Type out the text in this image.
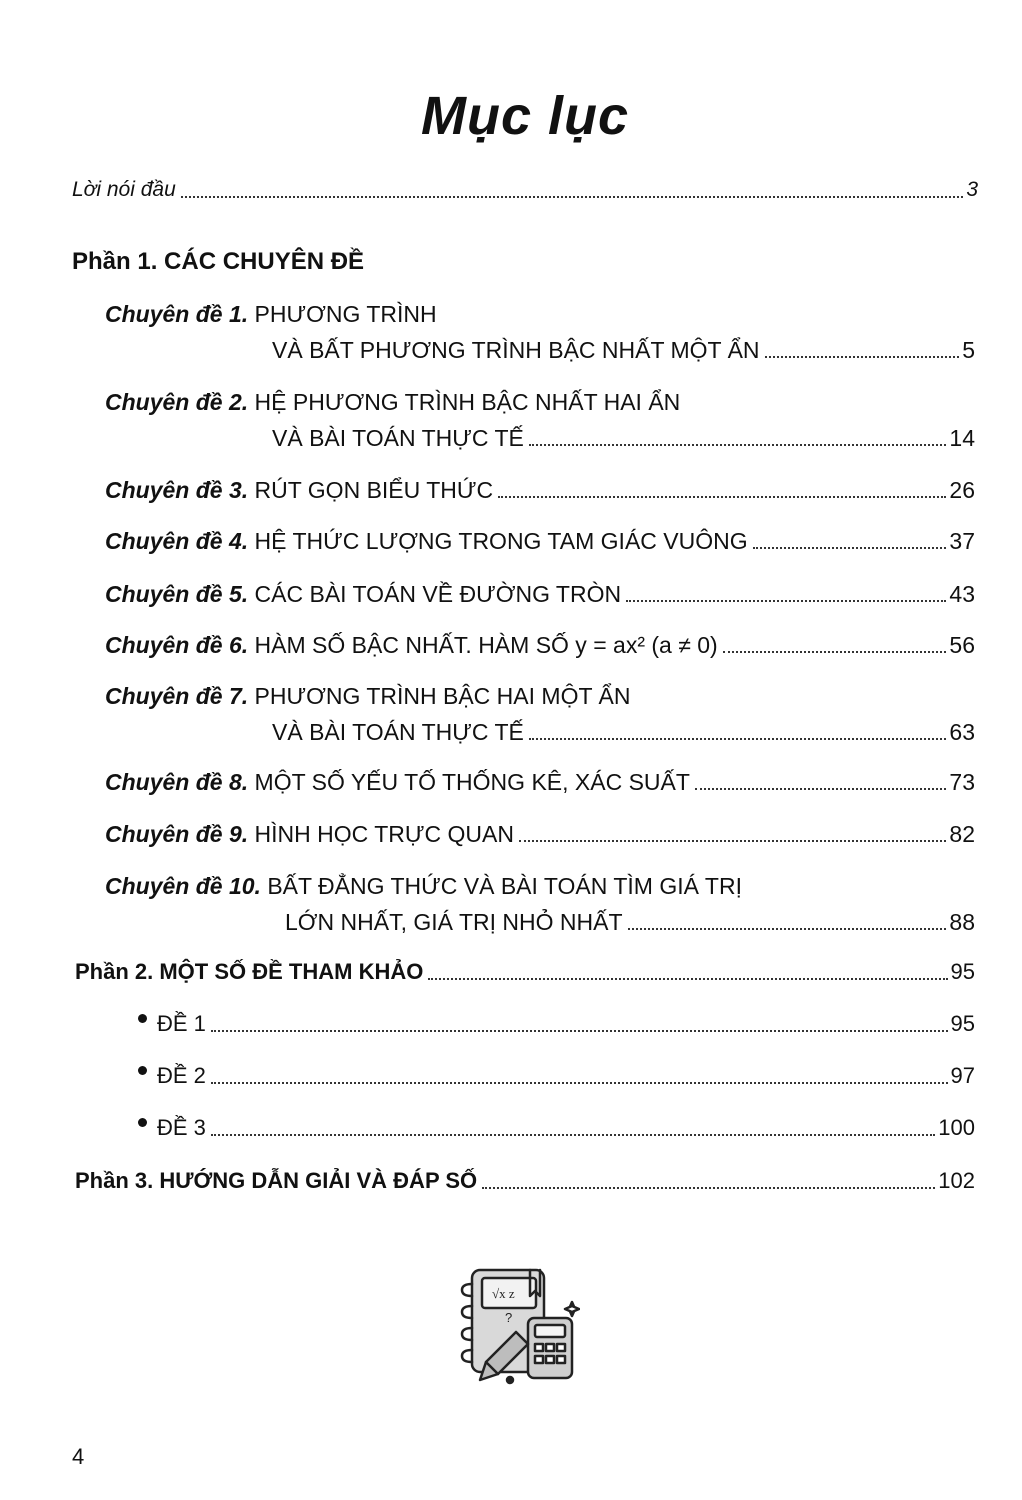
Mục lục
Lời nói đầu	3
Phần 1. CÁC CHUYÊN ĐỀ
Chuyên đề 1. PHƯƠNG TRÌNH
VÀ BẤT PHƯƠNG TRÌNH BẬC NHẤT MỘT ẨN	5
Chuyên đề 2. HỆ PHƯƠNG TRÌNH BẬC NHẤT HAI ẨN
VÀ BÀI TOÁN THỰC TẾ	14
Chuyên đề 3. RÚT GỌN BIỂU THỨC	26
Chuyên đề 4. HỆ THỨC LƯỢNG TRONG TAM GIÁC VUÔNG	37
Chuyên đề 5. CÁC BÀI TOÁN VỀ ĐƯỜNG TRÒN	43
Chuyên đề 6. HÀM SỐ BẬC NHẤT. HÀM SỐ y = ax² (a ≠ 0)	56
Chuyên đề 7. PHƯƠNG TRÌNH BẬC HAI MỘT ẨN
VÀ BÀI TOÁN THỰC TẾ	63
Chuyên đề 8. MỘT SỐ YẾU TỐ THỐNG KÊ, XÁC SUẤT	73
Chuyên đề 9. HÌNH HỌC TRỰC QUAN	82
Chuyên đề 10. BẤT ĐẲNG THỨC VÀ BÀI TOÁN TÌM GIÁ TRỊ
LỚN NHẤT, GIÁ TRỊ NHỎ NHẤT	88
Phần 2. MỘT SỐ ĐỀ THAM KHẢO	95
ĐỀ 1	95
ĐỀ 2	97
ĐỀ 3	100
Phần 3. HƯỚNG DẪN GIẢI VÀ ĐÁP SỐ	102
√x z
?
4
